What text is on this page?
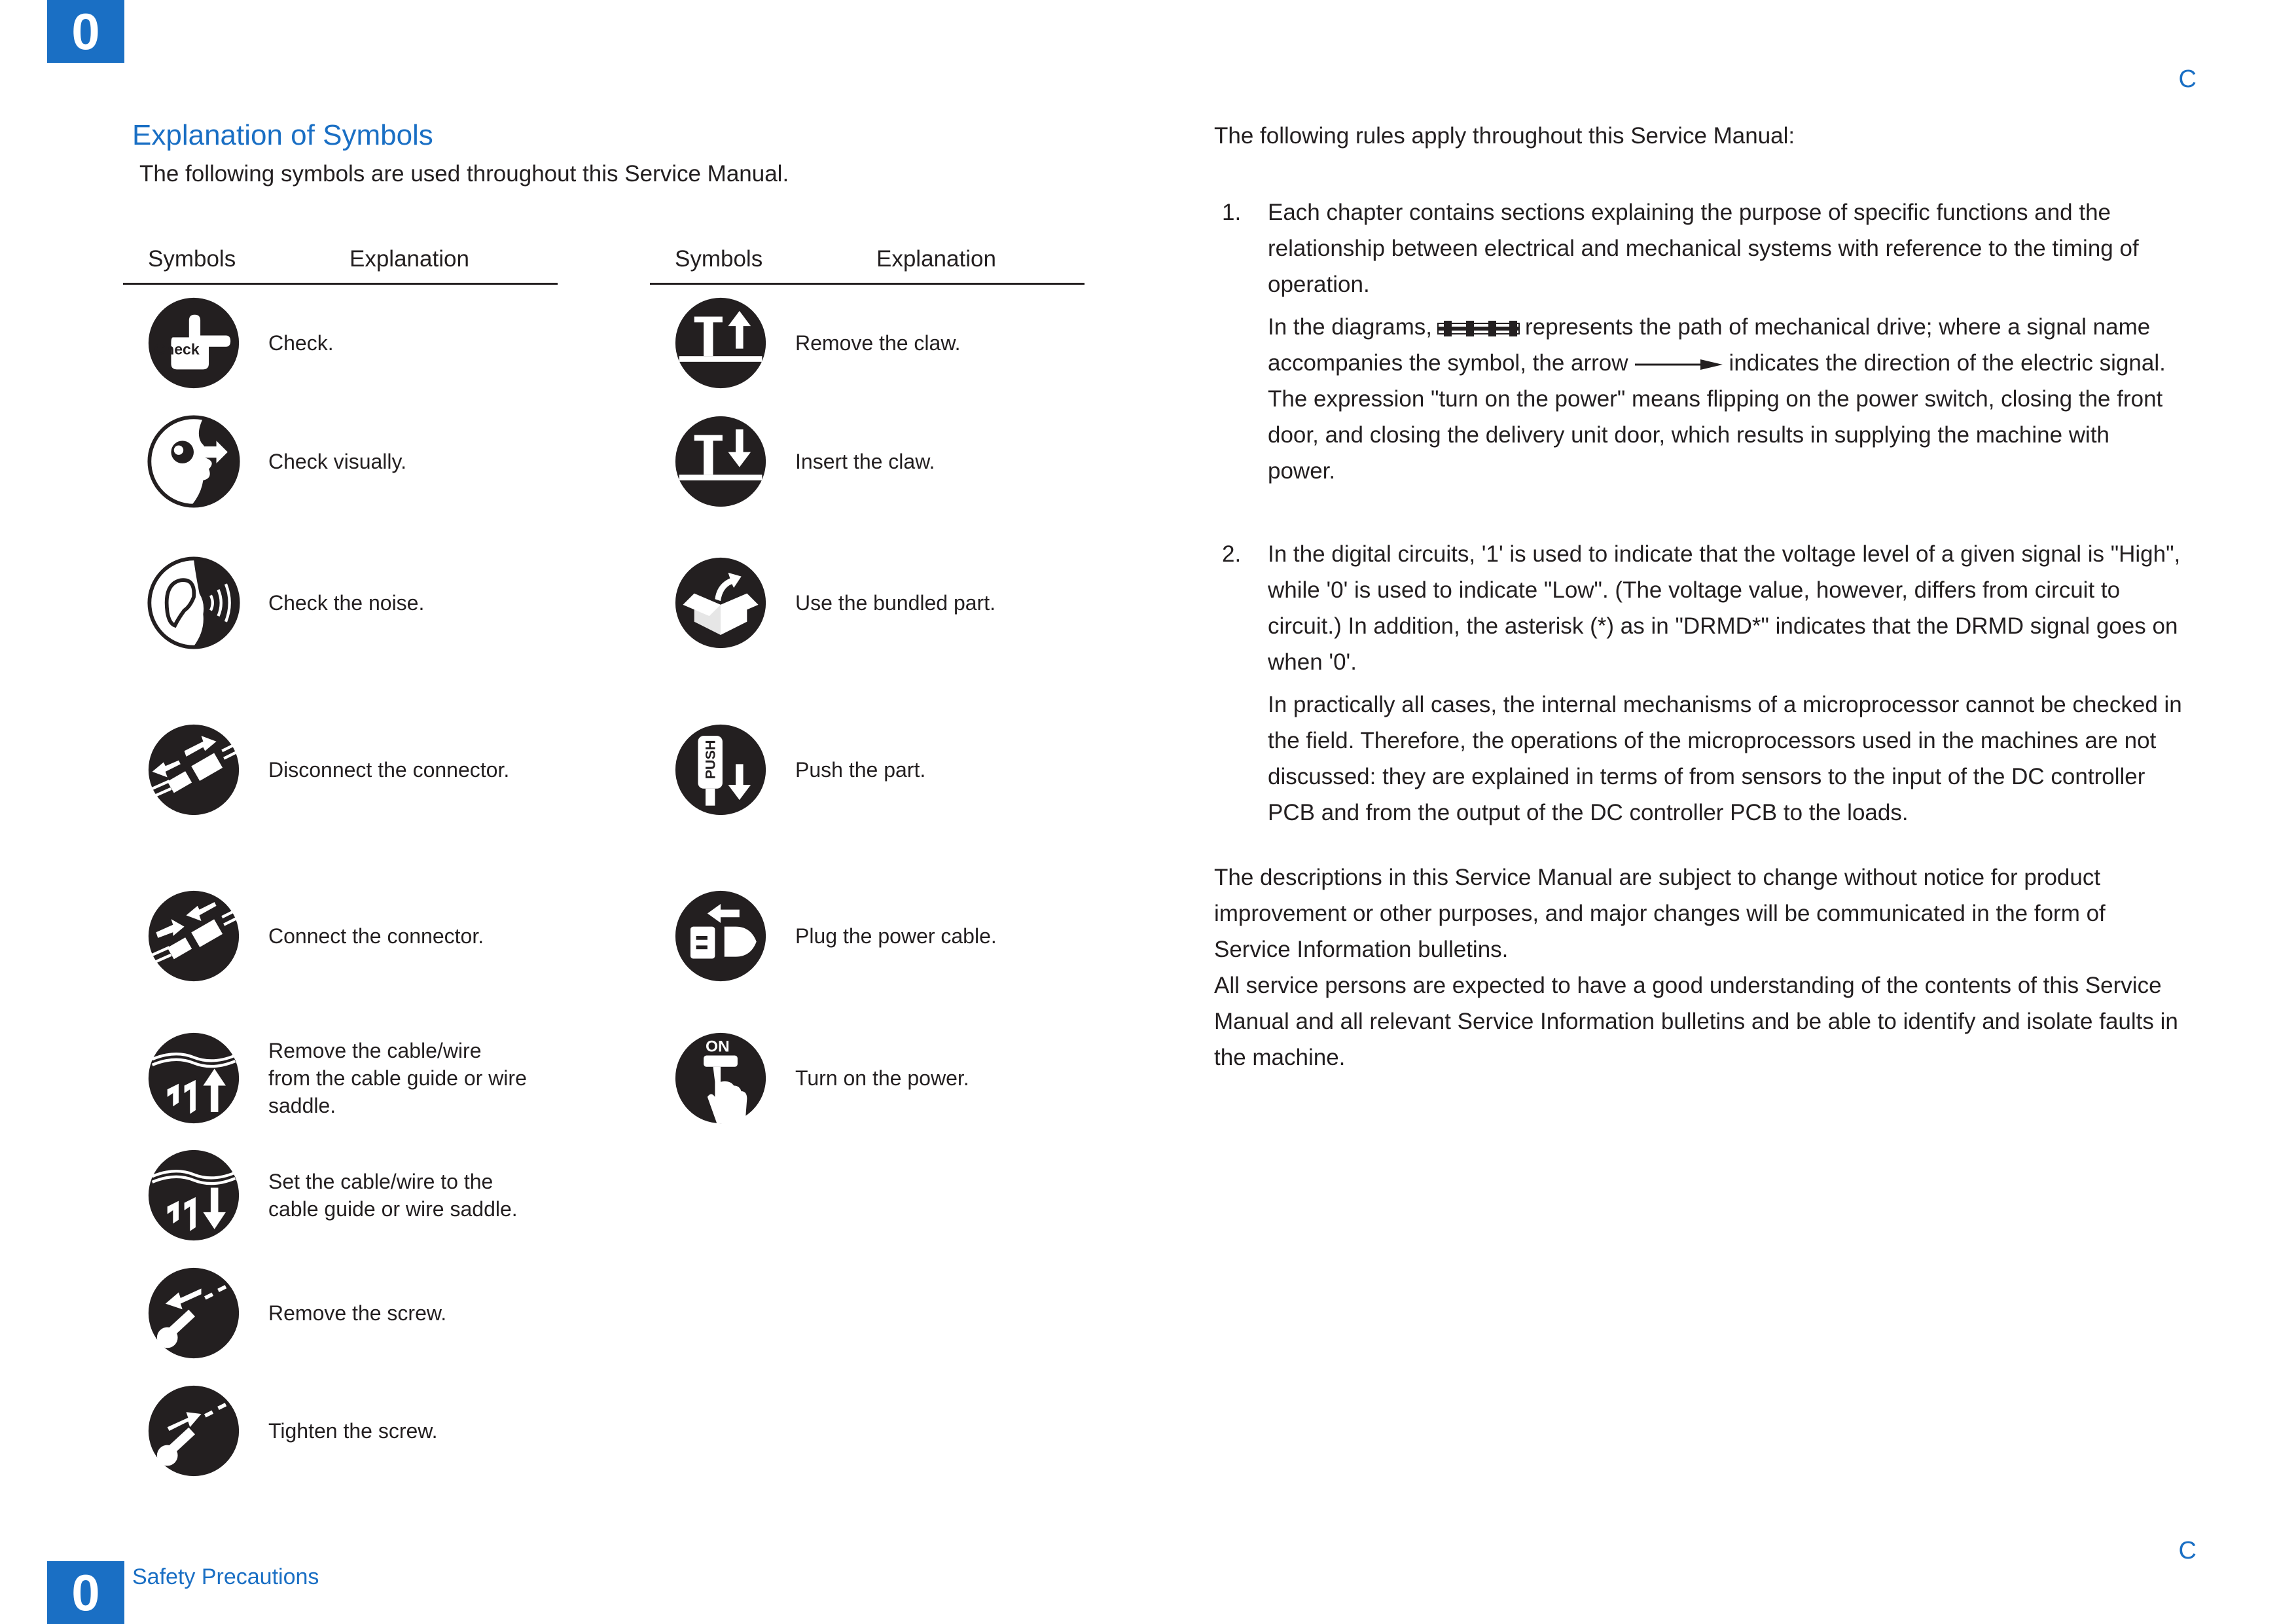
0
C
C
0	Safety Precautions
Explanation of Symbols
The following symbols are used throughout this Service Manual.
Symbols	Explanation
Check	Check.
Check visually.
Check the noise.
Disconnect the connector.
Connect the connector.
Remove the cable/wire
from the cable guide or wire
saddle.
Set the cable/wire to the
cable guide or wire saddle.
Remove the screw.
Tighten the screw.
Symbols	Explanation
Remove the claw.
Insert the claw.
Use the bundled part.
PUSH	Push the part.
Plug the power cable.
ON
Turn on the power.

The following rules apply throughout this Service Manual:

1. Each chapter contains sections explaining the purpose of specific functions and the relationship between electrical and mechanical systems with reference to the timing of operation.

In the diagrams,	represents the path of mechanical drive; where a signal name accompanies the symbol, the arrow	indicates the direction of the electric signal.

The expression "turn on the power" means flipping on the power switch, closing the front door, and closing the delivery unit door, which results in supplying the machine with power.

2. In the digital circuits, '1' is used to indicate that the voltage level of a given signal is "High", while '0' is used to indicate "Low". (The voltage value, however, differs from circuit to circuit.) In addition, the asterisk (*) as in "DRMD*" indicates that the DRMD signal goes on when '0'.

In practically all cases, the internal mechanisms of a microprocessor cannot be checked in the field. Therefore, the operations of the microprocessors used in the machines are not discussed: they are explained in terms of from sensors to the input of the DC controller PCB and from the output of the DC controller PCB to the loads.

The descriptions in this Service Manual are subject to change without notice for product improvement or other purposes, and major changes will be communicated in the form of Service Information bulletins.

All service persons are expected to have a good understanding of the contents of this Service Manual and all relevant Service Information bulletins and be able to identify and isolate faults in the machine.
